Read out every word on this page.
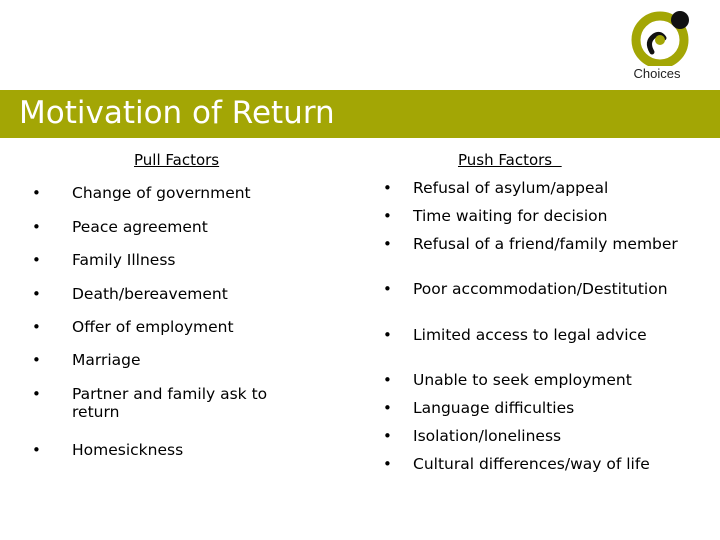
Choices
Motivation of Return
Pull Factors	Push Factors
•	Change of government
•	Peace agreement
•	Family Illness
•	Death/bereavement
•	Offer of employment
•	Marriage
•	Partner and family ask to return
•	Homesickness
•	Refusal of asylum/appeal
•	Time waiting for decision
•	Refusal of a friend/family member
•	Poor accommodation/Destitution
•	Limited access to legal advice
•	Unable to seek employment
•	Language difficulties
•	Isolation/loneliness
•	Cultural differences/way of life
